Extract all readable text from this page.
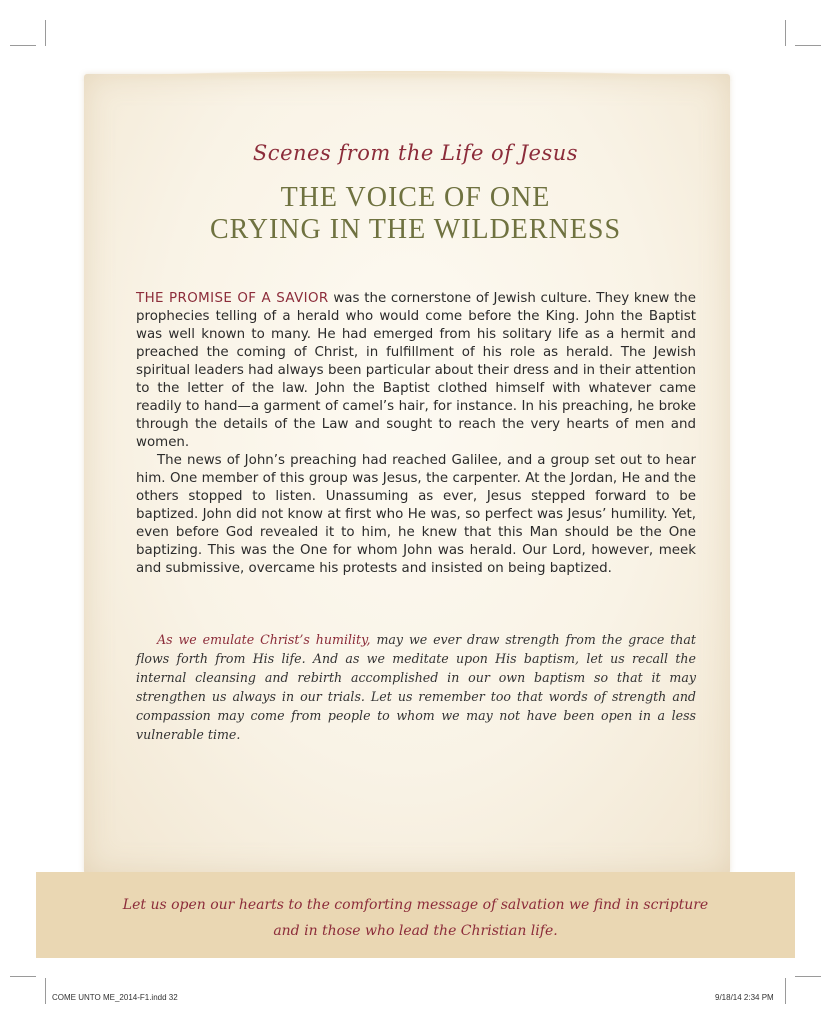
Scenes from the Life of Jesus
THE VOICE OF ONE
CRYING IN THE WILDERNESS

THE PROMISE OF A SAVIOR was the cornerstone of Jewish culture. They knew the prophecies telling of a herald who would come before the King. John the Baptist was well known to many. He had emerged from his solitary life as a hermit and preached the coming of Christ, in fulfillment of his role as herald. The Jewish spiritual leaders had always been particular about their dress and in their attention to the letter of the law. John the Baptist clothed himself with whatever came readily to hand—a garment of camel’s hair, for instance. In his preaching, he broke through the details of the Law and sought to reach the very hearts of men and women.

The news of John’s preaching had reached Galilee, and a group set out to hear him. One member of this group was Jesus, the carpenter. At the Jordan, He and the others stopped to listen. Unassuming as ever, Jesus stepped forward to be baptized. John did not know at first who He was, so perfect was Jesus’ humility. Yet, even before God revealed it to him, he knew that this Man should be the One baptizing. This was the One for whom John was herald. Our Lord, however, meek and submissive, overcame his protests and insisted on being baptized.

As we emulate Christ’s humility, may we ever draw strength from the grace that flows forth from His life. And as we meditate upon His baptism, let us recall the internal cleansing and rebirth accomplished in our own baptism so that it may strengthen us always in our trials. Let us remember too that words of strength and compassion may come from people to whom we may not have been open in a less vulnerable time.
Let us open our hearts to the comforting message of salvation we find in scripture
and in those who lead the Christian life.
COME UNTO ME_2014-F1.indd 32	9/18/14 2:34 PM
